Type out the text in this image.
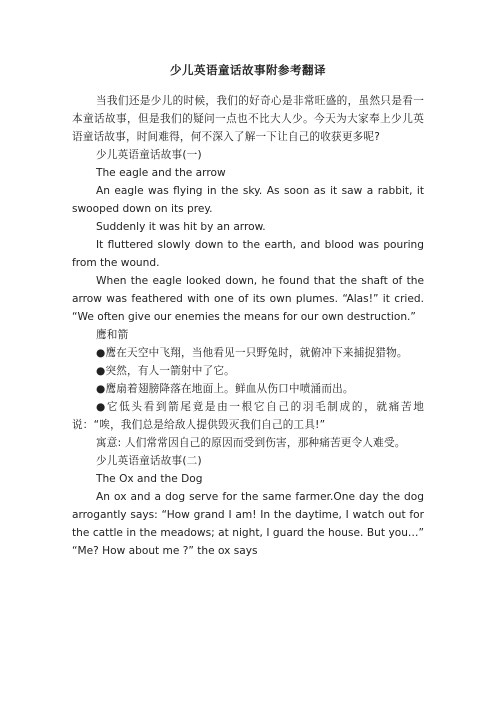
少儿英语童话故事附参考翻译

当我们还是少儿的时候，我们的好奇心是非常旺盛的，虽然只是看一本童话故事，但是我们的疑问一点也不比大人少。今天为大家奉上少儿英语童话故事，时间难得，何不深入了解一下让自己的收获更多呢?

少儿英语童话故事(一)

The eagle and the arrow

An eagle was flying in the sky. As soon as it saw a rabbit, it swooped down on its prey.

Suddenly it was hit by an arrow.

It fluttered slowly down to the earth, and blood was pouring from the wound.

When the eagle looked down, he found that the shaft of the arrow was feathered with one of its own plumes. “Alas!” it cried. “We often give our enemies the means for our own destruction.”

鹰和箭

●鹰在天空中飞翔，当他看见一只野兔时，就俯冲下来捕捉猎物。

●突然，有人一箭射中了它。

●鹰扇着翅膀降落在地面上。鲜血从伤口中喷涌而出。

●它低头看到箭尾竟是由一根它自己的羽毛制成的，就痛苦地说：“唉，我们总是给敌人提供毁灭我们自己的工具!”

寓意: 人们常常因自己的原因而受到伤害，那种痛苦更令人难受。

少儿英语童话故事(二)

The Ox and the Dog

An ox and a dog serve for the same farmer.One day the dog arrogantly says: “How grand I am! In the daytime, I watch out for the cattle in the meadows; at night, I guard the house. But you…” “Me? How about me ?” the ox says
